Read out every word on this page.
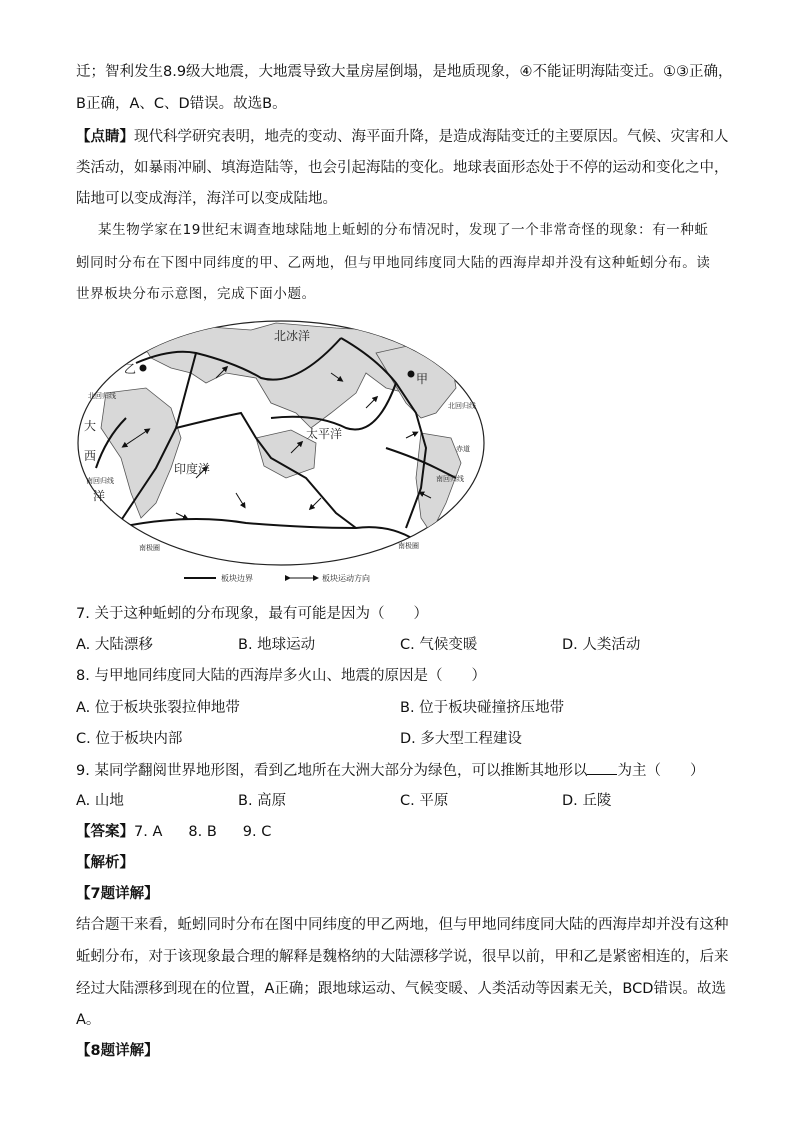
迁；智利发生8.9级大地震，大地震导致大量房屋倒塌，是地质现象，④不能证明海陆变迁。①③正确，
B正确，A、C、D错误。故选B。
【点睛】现代科学研究表明，地壳的变动、海平面升降，是造成海陆变迁的主要原因。气候、灾害和人
类活动，如暴雨冲刷、填海造陆等，也会引起海陆的变化。地球表面形态处于不停的运动和变化之中，
陆地可以变成海洋，海洋可以变成陆地。
某生物学家在19世纪末调查地球陆地上蚯蚓的分布情况时，发现了一个非常奇怪的现象：有一种蚯
蚓同时分布在下图中同纬度的甲、乙两地，但与甲地同纬度同大陆的西海岸却并没有这种蚯蚓分布。读
世界板块分布示意图，完成下面小题。
北冰洋
太平洋
印度洋
大
西
洋
甲
乙
北回归线
北回归线
南回归线	南回归线
赤道
南极圈	南极圈
板块边界	板块运动方向
7. 关于这种蚯蚓的分布现象，最有可能是因为（　　）
A. 大陆漂移	B. 地球运动	C. 气候变暖	D. 人类活动
8. 与甲地同纬度同大陆的西海岸多火山、地震的原因是（　　）
A. 位于板块张裂拉伸地带	B. 位于板块碰撞挤压地带
C. 位于板块内部	D. 多大型工程建设
9. 某同学翻阅世界地形图，看到乙地所在大洲大部分为绿色，可以推断其地形以 为主（　　）
A. 山地	B. 高原	C. 平原	D. 丘陵
【答案】7. A 8. B 9. C
【解析】
【7题详解】
结合题干来看，蚯蚓同时分布在图中同纬度的甲乙两地，但与甲地同纬度同大陆的西海岸却并没有这种
蚯蚓分布，对于该现象最合理的解释是魏格纳的大陆漂移学说，很早以前，甲和乙是紧密相连的，后来
经过大陆漂移到现在的位置，A正确；跟地球运动、气候变暖、人类活动等因素无关，BCD错误。故选
A。
【8题详解】
